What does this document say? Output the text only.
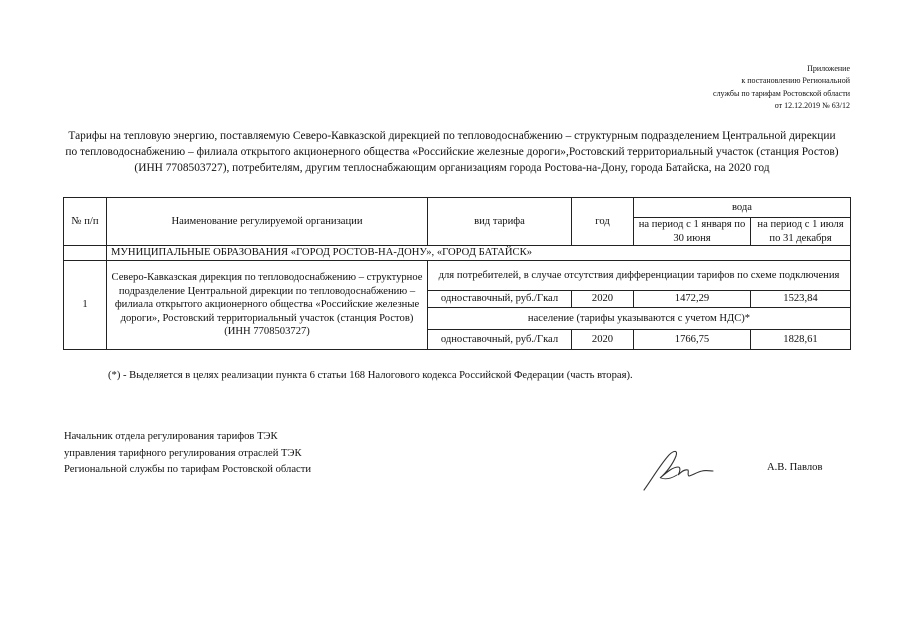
Приложение
к постановлению Региональной
службы по тарифам Ростовской области
от 12.12.2019 № 63/12
Тарифы на тепловую энергию, поставляемую Северо-Кавказской дирекцией по тепловодоснабжению – структурным подразделением Центральной дирекции по тепловодоснабжению – филиала открытого акционерного общества «Российские железные дороги»,Ростовский территориальный участок (станция Ростов) (ИНН 7708503727), потребителям, другим теплоснабжающим организациям города Ростова-на-Дону, города Батайска, на 2020 год
№ п/п	Наименование регулируемой организации	вид тарифа	год	вода	
				на период с 1 января по 30 июня	на период с 1 июля по 31 декабря
	МУНИЦИПАЛЬНЫЕ ОБРАЗОВАНИЯ «ГОРОД РОСТОВ-НА-ДОНУ», «ГОРОД БАТАЙСК»				
1	Северо-Кавказская дирекция по тепловодоснабжению – структурное подразделение Центральной дирекции по тепловодоснабжению – филиала открытого акционерного общества «Российские железные дороги», Ростовский территориальный участок (станция Ростов) (ИНН 7708503727)	для потребителей, в случае отсутствия дифференциации тарифов по схеме подключения			
		одноставочный, руб./Гкал	2020	1472,29	1523,84
		население (тарифы указываются с учетом НДС)*			
		одноставочный, руб./Гкал	2020	1766,75	1828,61
(*) - Выделяется в целях реализации пункта 6 статьи 168 Налогового кодекса Российской Федерации (часть вторая).
Начальник отдела регулирования тарифов ТЭК
управления тарифного регулирования отраслей ТЭК
Региональной службы по тарифам Ростовской области	А.В. Павлов
